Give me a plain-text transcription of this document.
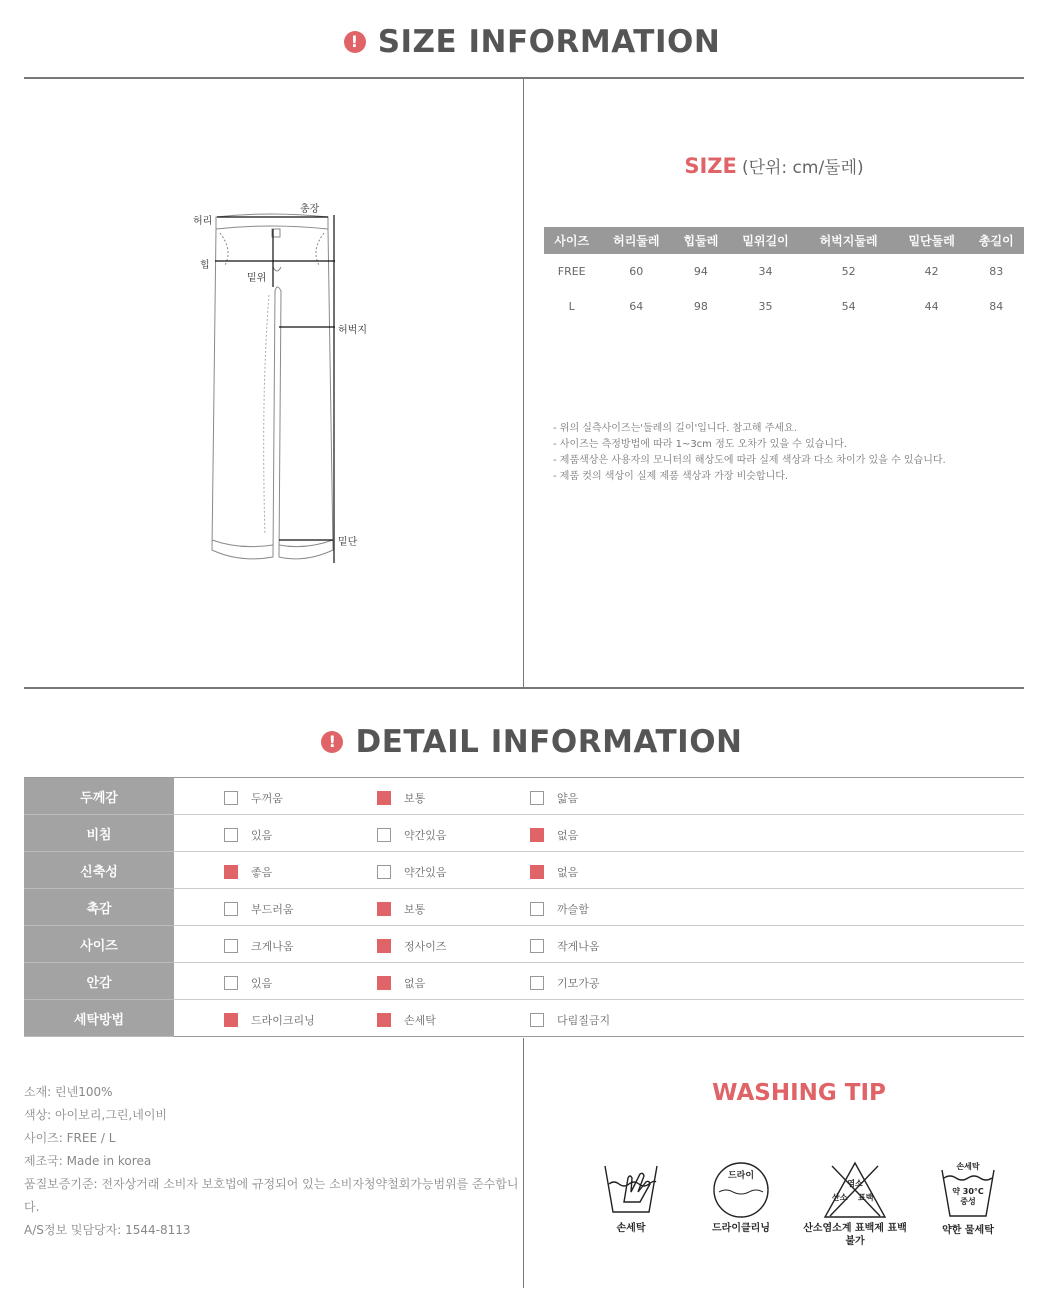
! SIZE INFORMATION
허리
총장
힙
밑위
허벅지
밑단
SIZE (단위: cm/둘레)
사이즈	허리둘레	힙둘레	밑위길이	허벅지둘레	밑단둘레	총길이
FREE	60	94	34	52	42	83
L	64	98	35	54	44	84
- 위의 실측사이즈는'둘레의 길이'입니다. 참고해 주세요.
- 사이즈는 측정방법에 따라 1~3cm 정도 오차가 있을 수 있습니다.
- 제품색상은 사용자의 모니터의 해상도에 따라 실제 색상과 다소 차이가 있을 수 있습니다.
- 제품 컷의 색상이 실제 제품 색상과 가장 비슷합니다.
! DETAIL INFORMATION
두께감	두꺼움 보통 얇음
비침	있음 약간있음 없음
신축성	좋음 약간있음 없음
촉감	부드러움 보통 까슬함
사이즈	크게나옴 정사이즈 작게나옴
안감	있음 없음 기모가공
세탁방법	드라이크리닝 손세탁 다림질금지
소재: 린넨100%
색상: 아이보리,그린,네이비
사이즈: FREE / L
제조국: Made in korea
품질보증기준: 전자상거래 소비자 보호법에 규정되어 있는 소비자청약철회가능범위를 준수합니다.
A/S정보 및담당자: 1544-8113
WASHING TIP
손세탁
드라이
드라이클리닝
염소
산소 표백
산소염소계 표백제 표백 불가
손세탁
약 30°C
중성
약한 물세탁
